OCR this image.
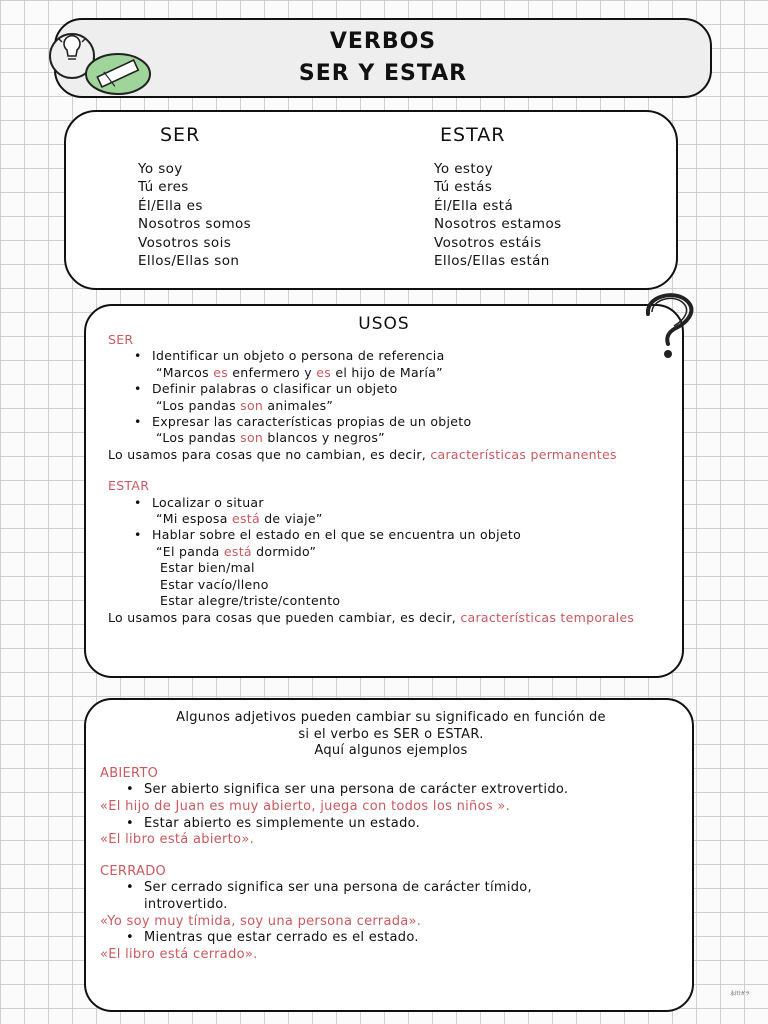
VERBOS
SER Y ESTAR
SER
Yo soy
Tú eres
Él/Ella es
Nosotros somos
Vosotros sois
Ellos/Ellas son
ESTAR
Yo estoy
Tú estás
Él/Ella está
Nosotros estamos
Vosotros estáis
Ellos/Ellas están
USOS
SER
• Identificar un objeto o persona de referencia
“Marcos es enfermero y es el hijo de María”
• Definir palabras o clasificar un objeto
“Los pandas son animales”
• Expresar las características propias de un objeto
“Los pandas son blancos y negros”
Lo usamos para cosas que no cambian, es decir, características permanentes
ESTAR
• Localizar o situar
“Mi esposa está de viaje”
• Hablar sobre el estado en el que se encuentra un objeto
“El panda está dormido”
Estar bien/mal
Estar vacío/lleno
Estar alegre/triste/contento
Lo usamos para cosas que pueden cambiar, es decir, características temporales
Algunos adjetivos pueden cambiar su significado en función de
si el verbo es SER o ESTAR.
Aquí algunos ejemplos
ABIERTO
• Ser abierto significa ser una persona de carácter extrovertido.
«El hijo de Juan es muy abierto, juega con todos los niños ».
• Estar abierto es simplemente un estado.
«El libro está abierto».
CERRADO
• Ser cerrado significa ser una persona de carácter tímido,
introvertido.
«Yo soy muy tímida, soy una persona cerrada».
• Mientras que estar cerrado es el estado.
«El libro está cerrado».
永田ガラ
